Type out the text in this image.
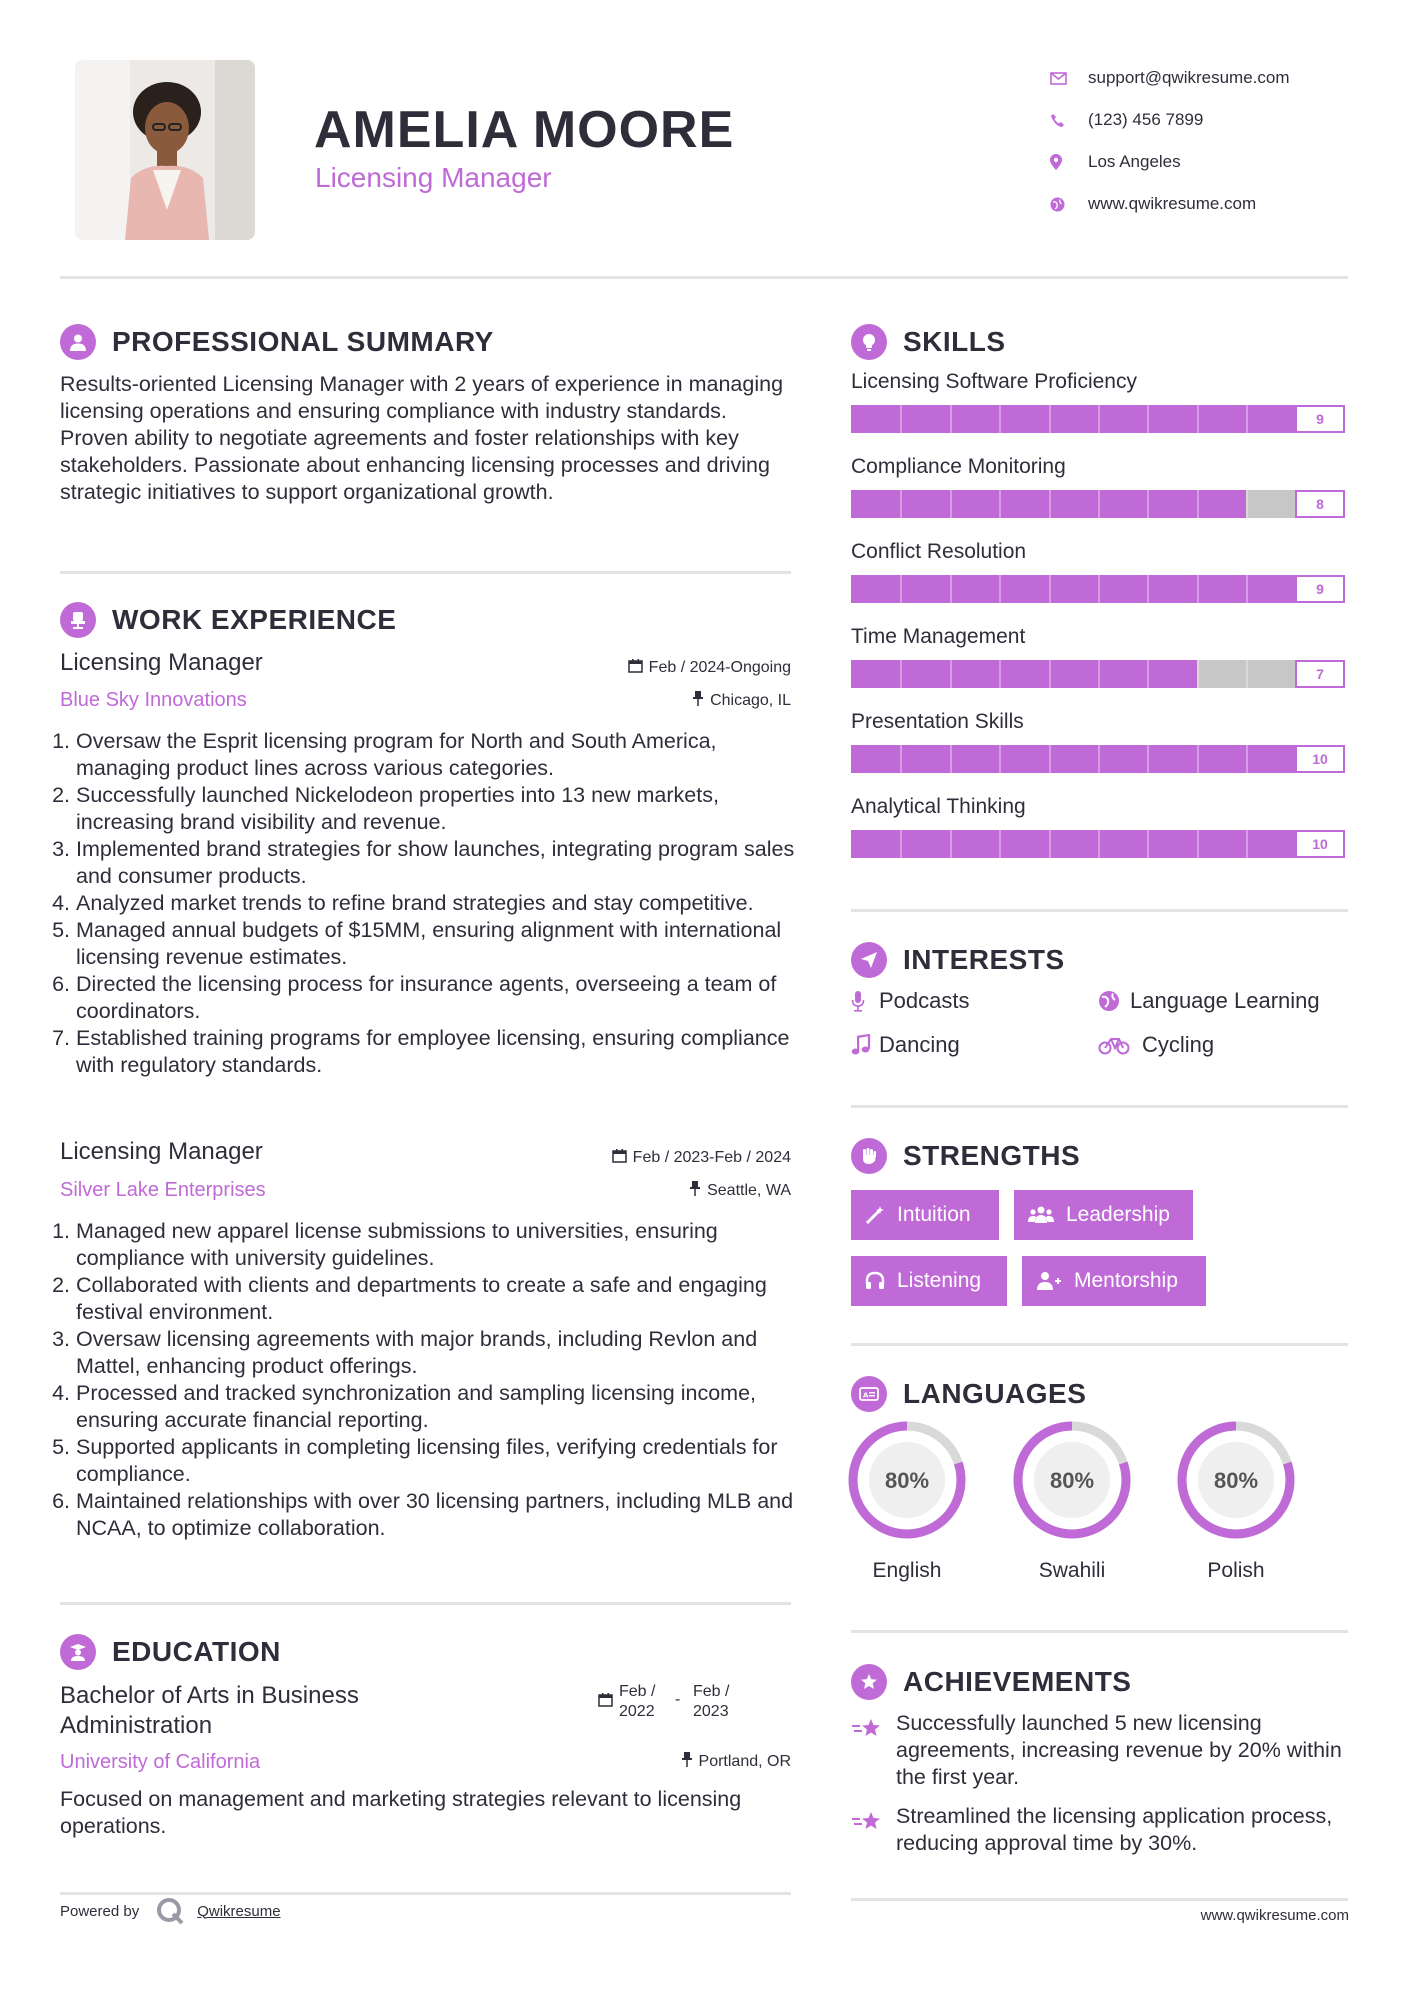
AMELIA MOORE
Licensing Manager
support@qwikresume.com
(123) 456 7899
Los Angeles
www.qwikresume.com
PROFESSIONAL SUMMARY
Results-oriented Licensing Manager with 2 years of experience in managing licensing operations and ensuring compliance with industry standards. Proven ability to negotiate agreements and foster relationships with key stakeholders. Passionate about enhancing licensing processes and driving strategic initiatives to support organizational growth.
WORK EXPERIENCE
Licensing Manager	Feb / 2024-Ongoing
Blue Sky Innovations	Chicago, IL
1. Oversaw the Esprit licensing program for North and South America, managing product lines across various categories.
2. Successfully launched Nickelodeon properties into 13 new markets, increasing brand visibility and revenue.
3. Implemented brand strategies for show launches, integrating program sales and consumer products.
4. Analyzed market trends to refine brand strategies and stay competitive.
5. Managed annual budgets of $15MM, ensuring alignment with international licensing revenue estimates.
6. Directed the licensing process for insurance agents, overseeing a team of coordinators.
7. Established training programs for employee licensing, ensuring compliance with regulatory standards.
Licensing Manager	Feb / 2023-Feb / 2024
Silver Lake Enterprises	Seattle, WA
1. Managed new apparel license submissions to universities, ensuring compliance with university guidelines.
2. Collaborated with clients and departments to create a safe and engaging festival environment.
3. Oversaw licensing agreements with major brands, including Revlon and Mattel, enhancing product offerings.
4. Processed and tracked synchronization and sampling licensing income, ensuring accurate financial reporting.
5. Supported applicants in completing licensing files, verifying credentials for compliance.
6. Maintained relationships with over 30 licensing partners, including MLB and NCAA, to optimize collaboration.
EDUCATION
Bachelor of Arts in Business Administration
Feb / 2022
- Feb / 2023
University of California	Portland, OR
Focused on management and marketing strategies relevant to licensing operations.
SKILLS
Licensing Software Proficiency
9
Compliance Monitoring
8
Conflict Resolution
9
Time Management
7
Presentation Skills
10
Analytical Thinking
10
INTERESTS
Podcasts	Language Learning
Dancing	Cycling
STRENGTHS
Intuition	Leadership
Listening	Mentorship
A LANGUAGES
80%
English
80%
Swahili
80%
Polish
ACHIEVEMENTS
Successfully launched 5 new licensing agreements, increasing revenue by 20% within the first year.
Streamlined the licensing application process, reducing approval time by 30%.
Powered by	Qwikresume	www.qwikresume.com
